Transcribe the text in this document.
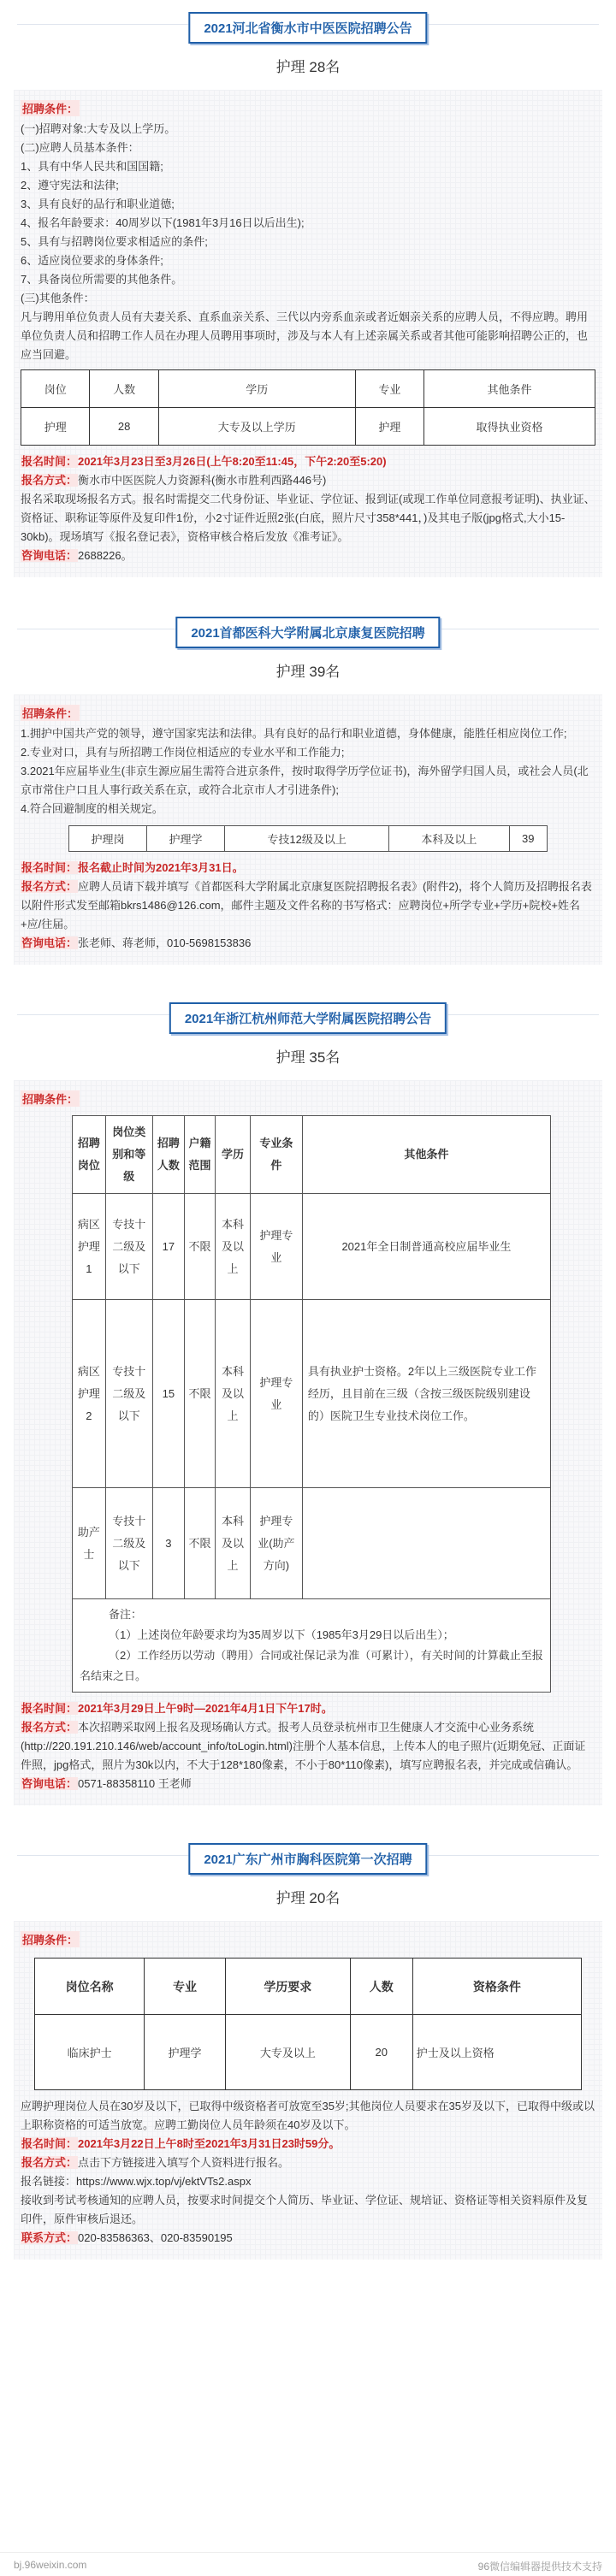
2021河北省衡水市中医医院招聘公告
护理 28名
招聘条件：
(一)招聘对象:大专及以上学历。
(二)应聘人员基本条件：
1、具有中华人民共和国国籍;
2、遵守宪法和法律;
3、具有良好的品行和职业道德;
4、报名年龄要求：40周岁以下(1981年3月16日以后出生);
5、具有与招聘岗位要求相适应的条件;
6、适应岗位要求的身体条件;
7、具备岗位所需要的其他条件。
(三)其他条件：
凡与聘用单位负责人员有夫妻关系、直系血亲关系、三代以内旁系血亲或者近姻亲关系的应聘人员，不得应聘。聘用单位负责人员和招聘工作人员在办理人员聘用事项时，涉及与本人有上述亲属关系或者其他可能影响招聘公正的，也应当回避。
岗位	人数	学历	专业	其他条件
护理	28	大专及以上学历	护理	取得执业资格
报名时间：2021年3月23日至3月26日(上午8:20至11:45，下午2:20至5:20)
报名方式：衡水市中医医院人力资源科(衡水市胜利西路446号)
报名采取现场报名方式。报名时需提交二代身份证、毕业证、学位证、报到证(或现工作单位同意报考证明)、执业证、资格证、职称证等原件及复印件1份，小2寸证件近照2张(白底，照片尺寸358*441，)及其电子版(jpg格式,大小15-30kb)。现场填写《报名登记表》，资格审核合格后发放《准考证》。
咨询电话：2688226。
2021首都医科大学附属北京康复医院招聘
护理 39名
招聘条件：
1.拥护中国共产党的领导，遵守国家宪法和法律。具有良好的品行和职业道德，身体健康，能胜任相应岗位工作;
2.专业对口，具有与所招聘工作岗位相适应的专业水平和工作能力;
3.2021年应届毕业生(非京生源应届生需符合进京条件，按时取得学历学位证书)，海外留学归国人员，或社会人员(北京市常住户口且人事行政关系在京，或符合北京市人才引进条件);
4.符合回避制度的相关规定。
护理岗	护理学	专技12级及以上	本科及以上	39
报名时间：报名截止时间为2021年3月31日。
报名方式：应聘人员请下载并填写《首都医科大学附属北京康复医院招聘报名表》(附件2)，将个人简历及招聘报名表以附件形式发至邮箱bkrs1486@126.com，邮件主题及文件名称的书写格式：应聘岗位+所学专业+学历+院校+姓名+应/往届。
咨询电话：张老师、蒋老师，010-5698153836
2021年浙江杭州师范大学附属医院招聘公告
护理 35名
招聘条件：
招聘岗位	岗位类别和等级	招聘人数	户籍范围	学历	专业条件	其他条件
病区护理1	专技十二级及以下	17	不限	本科及以上	护理专业	2021年全日制普通高校应届毕业生
病区护理2	专技十二级及以下	15	不限	本科及以上	护理专业	具有执业护士资格。2年以上三级医院专业工作经历，且目前在三级（含按三级医院级别建设的）医院卫生专业技术岗位工作。
助产士	专技十二级及以下	3	不限	本科及以上	护理专业(助产方向)	
备注：
（1）上述岗位年龄要求均为35周岁以下（1985年3月29日以后出生）；
（2）工作经历以劳动（聘用）合同或社保记录为准（可累计），有关时间的计算截止至报名结束之日。
报名时间：2021年3月29日上午9时—2021年4月1日下午17时。
报名方式：本次招聘采取网上报名及现场确认方式。报考人员登录杭州市卫生健康人才交流中心业务系统(http://220.191.210.146/web/account_info/toLogin.html)注册个人基本信息，上传本人的电子照片(近期免冠、正面证件照，jpg格式，照片为30k以内，不大于128*180像素，不小于80*110像素)，填写应聘报名表，并完成或信确认。
咨询电话：0571-88358110 王老师
2021广东广州市胸科医院第一次招聘
护理 20名
招聘条件：
岗位名称	专业	学历要求	人数	资格条件
临床护士	护理学	大专及以上	20	护士及以上资格
应聘护理岗位人员在30岁及以下，已取得中级资格者可放宽至35岁;其他岗位人员要求在35岁及以下，已取得中级或以上职称资格的可适当放宽。应聘工勤岗位人员年龄须在40岁及以下。
报名时间：2021年3月22日上午8时至2021年3月31日23时59分。
报名方式：点击下方链接进入填写个人资料进行报名。
报名链接：https://www.wjx.top/vj/ektVTs2.aspx
接收到考试考核通知的应聘人员，按要求时间提交个人简历、毕业证、学位证、规培证、资格证等相关资料原件及复印件，原件审核后退还。
联系方式：020-83586363、020-83590195
bj.96weixin.com	96微信编辑器提供技术支持
